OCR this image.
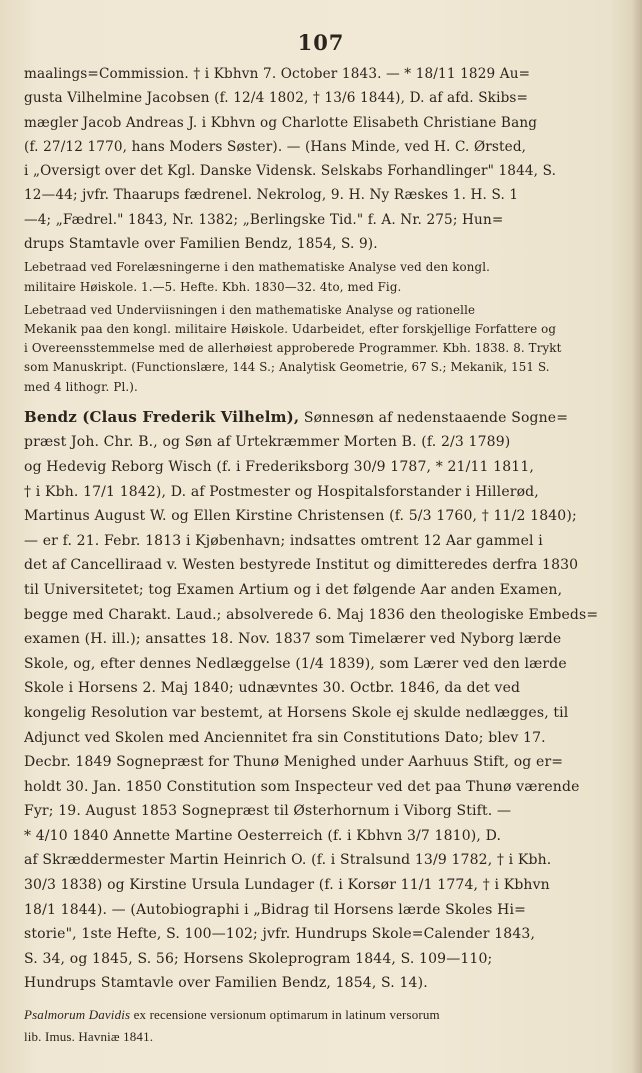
107
maalings=Commission. † i Kbhvn 7. October 1843. — * 18/11 1829 Au=
gusta Vilhelmine Jacobsen (f. 12/4 1802, † 13/6 1844), D. af afd. Skibs=
mægler Jacob Andreas J. i Kbhvn og Charlotte Elisabeth Christiane Bang
(f. 27/12 1770, hans Moders Søster). — (Hans Minde, ved H. C. Ørsted,
i „Oversigt over det Kgl. Danske Vidensk. Selskabs Forhandlinger" 1844, S.
12—44; jvfr. Thaarups fædrenel. Nekrolog, 9. H. Ny Ræskes 1. H. S. 1
—4; „Fædrel." 1843, Nr. 1382; „Berlingske Tid." f. A. Nr. 275; Hun=
drups Stamtavle over Familien Bendz, 1854, S. 9).
Lebetraad ved Forelæsningerne i den mathematiske Analyse ved den kongl.
militaire Høiskole. 1.—5. Hefte. Kbh. 1830—32. 4to, med Fig.
Lebetraad ved Underviisningen i den mathematiske Analyse og rationelle
Mekanik paa den kongl. militaire Høiskole. Udarbeidet, efter forskjellige Forfattere og
i Overeensstemmelse med de allerhøiest approberede Programmer. Kbh. 1838. 8. Trykt
som Manuskript. (Functionslære, 144 S.; Analytisk Geometrie, 67 S.; Mekanik, 151 S.
med 4 lithogr. Pl.).
Bendz (Claus Frederik Vilhelm), Sønnesøn af nedenstaaende Sogne=
præst Joh. Chr. B., og Søn af Urtekræmmer Morten B. (f. 2/3 1789)
og Hedevig Reborg Wisch (f. i Frederiksborg 30/9 1787, * 21/11 1811,
† i Kbh. 17/1 1842), D. af Postmester og Hospitalsforstander i Hillerød,
Martinus August W. og Ellen Kirstine Christensen (f. 5/3 1760, † 11/2 1840);
— er f. 21. Febr. 1813 i Kjøbenhavn; indsattes omtrent 12 Aar gammel i
det af Cancelliraad v. Westen bestyrede Institut og dimitteredes derfra 1830
til Universitetet; tog Examen Artium og i det følgende Aar anden Examen,
begge med Charakt. Laud.; absolverede 6. Maj 1836 den theologiske Embeds=
examen (H. ill.); ansattes 18. Nov. 1837 som Timelærer ved Nyborg lærde
Skole, og, efter dennes Nedlæggelse (1/4 1839), som Lærer ved den lærde
Skole i Horsens 2. Maj 1840; udnævntes 30. Octbr. 1846, da det ved
kongelig Resolution var bestemt, at Horsens Skole ej skulde nedlægges, til
Adjunct ved Skolen med Anciennitet fra sin Constitutions Dato; blev 17.
Decbr. 1849 Sognepræst for Thunø Menighed under Aarhuus Stift, og er=
holdt 30. Jan. 1850 Constitution som Inspecteur ved det paa Thunø værende
Fyr; 19. August 1853 Sognepræst til Østerhornum i Viborg Stift. —
* 4/10 1840 Annette Martine Oesterreich (f. i Kbhvn 3/7 1810), D.
af Skræddermester Martin Heinrich O. (f. i Stralsund 13/9 1782, † i Kbh.
30/3 1838) og Kirstine Ursula Lundager (f. i Korsør 11/1 1774, † i Kbhvn
18/1 1844). — (Autobiographi i „Bidrag til Horsens lærde Skoles Hi=
storie", 1ste Hefte, S. 100—102; jvfr. Hundrups Skole=Calender 1843,
S. 34, og 1845, S. 56; Horsens Skoleprogram 1844, S. 109—110;
Hundrups Stamtavle over Familien Bendz, 1854, S. 14).
Psalmorum Davidis ex recensione versionum optimarum in latinum versorum
lib. Imus. Havniæ 1841.
